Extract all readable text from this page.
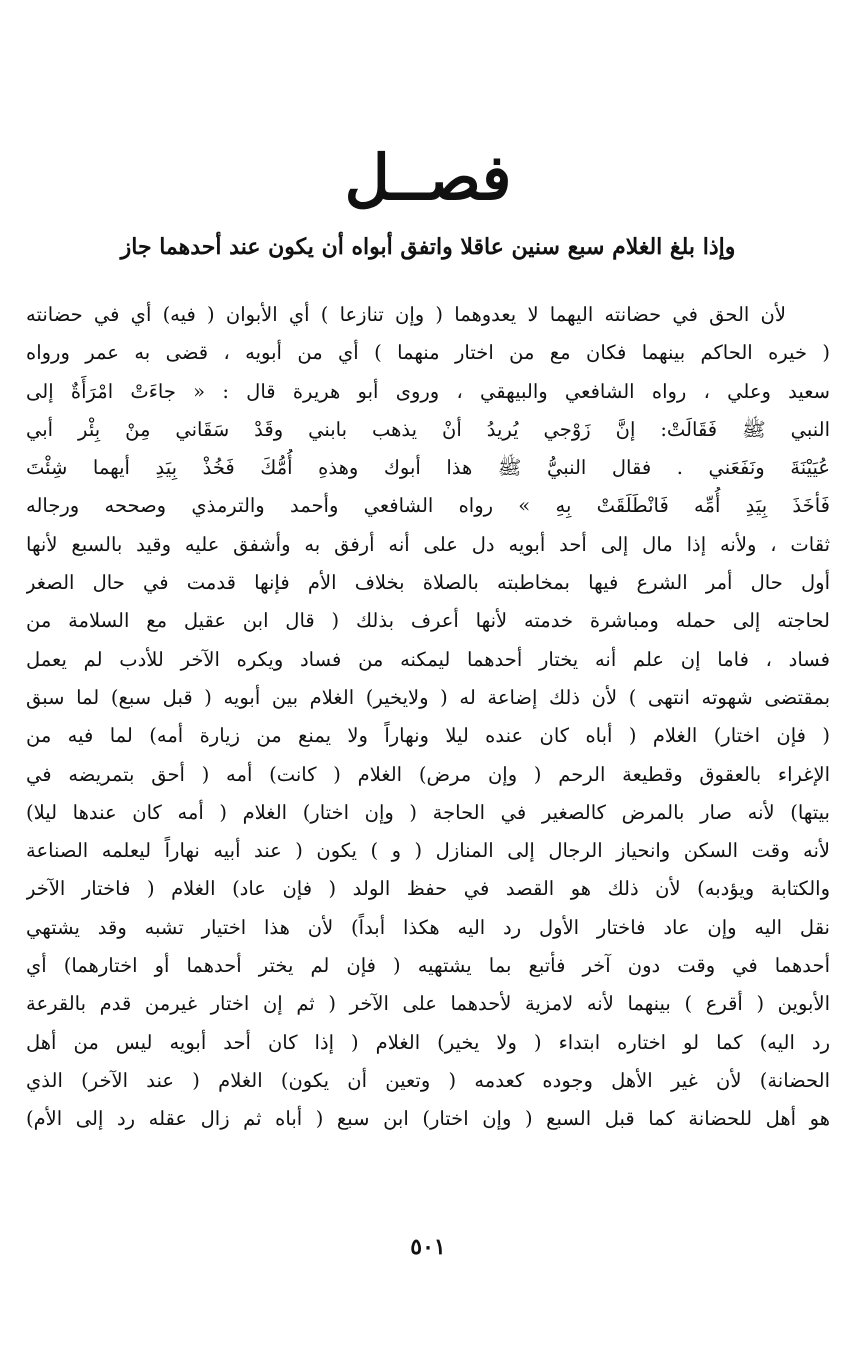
فصــل
وإذا بلغ الغلام سبع سنين عاقلا واتفق أبواه أن يكون عند أحدهما جاز
لأن الحق في حضانته اليهما لا يعدوهما ( وإن تنازعا ) أي الأبوان ( فيه) أي في حضانته
( خيره الحاكم بينهما فكان مع من اختار منهما ) أي من أبويه ، قضى به عمر ورواه
سعيد وعلي ، رواه الشافعي والبيهقي ، وروى أبو هريرة قال : « جاءَتْ امْرَأَةٌ إلى
النبي ﷺ فَقَالَتْ: إنَّ زَوْجي يُريدُ أنْ يذهب بابني وقَدْ سَقَاني مِنْ بِئْر أبي
عُيَيْنَةَ ونَفَعَني . فقال النبيُّ ﷺ هذا أبوك وهذهِ أُمُّكَ فَخُذْ بِيَدِ أيهما شِئْتَ
فَأخَذَ بِيَدِ أُمِّه فَانْطَلَقَتْ بِهِ » رواه الشافعي وأحمد والترمذي وصححه ورجاله
ثقات ، ولأنه إذا مال إلى أحد أبويه دل على أنه أرفق به وأشفق عليه وقيد بالسبع لأنها
أول حال أمر الشرع فيها بمخاطبته بالصلاة بخلاف الأم فإنها قدمت في حال الصغر
لحاجته إلى حمله ومباشرة خدمته لأنها أعرف بذلك ( قال ابن عقيل مع السلامة من
فساد ، فاما إن علم أنه يختار أحدهما ليمكنه من فساد ويكره الآخر للأدب لم يعمل
بمقتضى شهوته انتهى ) لأن ذلك إضاعة له ( ولايخير) الغلام بين أبويه ( قبل سبع) لما سبق
( فإن اختار) الغلام ( أباه كان عنده ليلا ونهاراً ولا يمنع من زيارة أمه) لما فيه من
الإغراء بالعقوق وقطيعة الرحم ( وإن مرض) الغلام ( كانت) أمه ( أحق بتمريضه في
بيتها) لأنه صار بالمرض كالصغير في الحاجة ( وإن اختار) الغلام ( أمه كان عندها ليلا)
لأنه وقت السكن وانحياز الرجال إلى المنازل ( و ) يكون ( عند أبيه نهاراً ليعلمه الصناعة
والكتابة ويؤدبه) لأن ذلك هو القصد في حفظ الولد ( فإن عاد) الغلام ( فاختار الآخر
نقل اليه وإن عاد فاختار الأول رد اليه هكذا أبداً) لأن هذا اختيار تشبه وقد يشتهي
أحدهما في وقت دون آخر فأتبع بما يشتهيه ( فإن لم يختر أحدهما أو اختارهما) أي
الأبوين ( أقرع ) بينهما لأنه لامزية لأحدهما على الآخر ( ثم إن اختار غيرمن قدم بالقرعة
رد اليه) كما لو اختاره ابتداء ( ولا يخير) الغلام ( إذا كان أحد أبويه ليس من أهل
الحضانة) لأن غير الأهل وجوده كعدمه ( وتعين أن يكون) الغلام ( عند الآخر) الذي
هو أهل للحضانة كما قبل السبع ( وإن اختار) ابن سبع ( أباه ثم زال عقله رد إلى الأم)
٥٠١
